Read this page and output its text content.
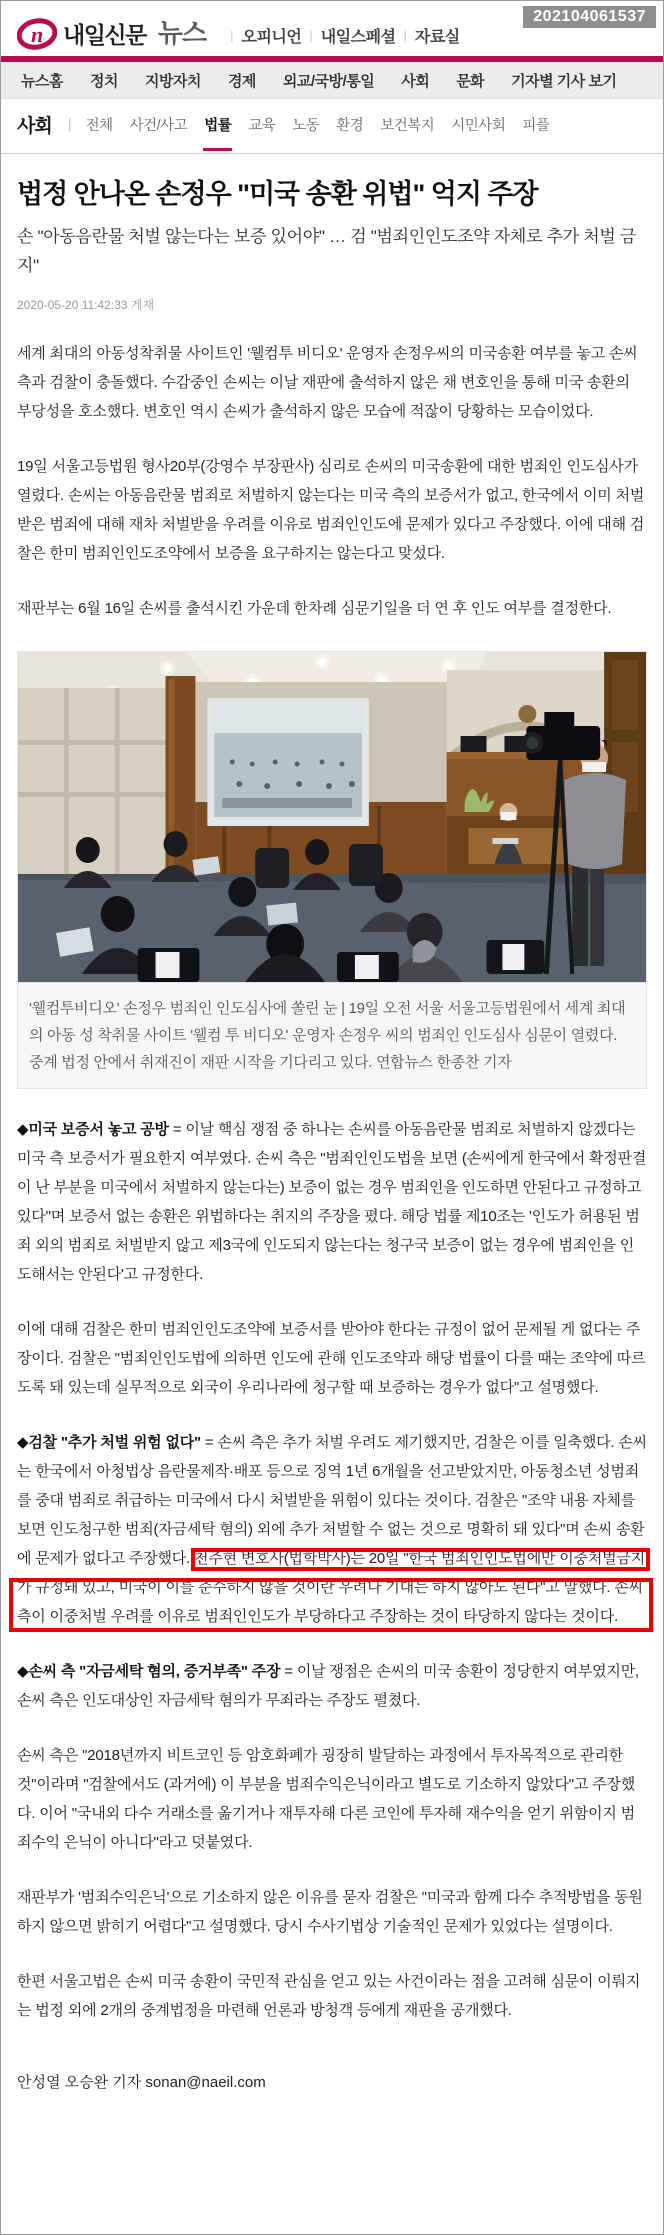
n 내일신문 뉴스	| 오피니언 | 내일스페셜 | 자료실
202104061537
뉴스홈 정치 지방자치 경제 외교/국방/통일 사회 문화 기자별 기사 보기
사회	| 전체 사건/사고 법률 교육 노동 환경 보건복지 시민사회 피플
법정 안나온 손정우 "미국 송환 위법" 억지 주장
손 "아동음란물 처벌 않는다는 보증 있어야" … 검 "범죄인인도조약 자체로 추가 처벌 금지"
2020-05-20 11:42:33 게재

세계 최대의 아동성착취물 사이트인 '웰컴투 비디오' 운영자 손정우씨의 미국송환 여부를 놓고 손씨 측과 검찰이 충돌했다. 수감중인 손씨는 이날 재판에 출석하지 않은 채 변호인을 통해 미국 송환의 부당성을 호소했다. 변호인 역시 손씨가 출석하지 않은 모습에 적잖이 당황하는 모습이었다.

19일 서울고등법원 형사20부(강영수 부장판사) 심리로 손씨의 미국송환에 대한 범죄인 인도심사가 열렸다. 손씨는 아동음란물 범죄로 처벌하지 않는다는 미국 측의 보증서가 없고, 한국에서 이미 처벌받은 범죄에 대해 재차 처벌받을 우려를 이유로 범죄인인도에 문제가 있다고 주장했다. 이에 대해 검찰은 한미 범죄인인도조약에서 보증을 요구하지는 않는다고 맞섰다.

재판부는 6월 16일 손씨를 출석시킨 가운데 한차례 심문기일을 더 연 후 인도 여부를 결정한다.

'웰컴투비디오' 손정우 범죄인 인도심사에 쏠린 눈 | 19일 오전 서울 서울고등법원에서 세계 최대의 아동 성 착취물 사이트 '웰컴 투 비디오' 운영자 손정우 씨의 범죄인 인도심사 심문이 열렸다. 중계 법정 안에서 취재진이 재판 시작을 기다리고 있다. 연합뉴스 한종찬 기자

◆미국 보증서 놓고 공방 = 이날 핵심 쟁점 중 하나는 손씨를 아동음란물 범죄로 처벌하지 않겠다는 미국 측 보증서가 필요한지 여부였다. 손씨 측은 "범죄인인도법을 보면 (손씨에게 한국에서 확정판결이 난 부분을 미국에서 처벌하지 않는다는) 보증이 없는 경우 범죄인을 인도하면 안된다고 규정하고 있다"며 보증서 없는 송환은 위법하다는 취지의 주장을 폈다. 해당 법률 제10조는 '인도가 허용된 범죄 외의 범죄로 처벌받지 않고 제3국에 인도되지 않는다는 청구국 보증이 없는 경우에 범죄인을 인도해서는 안된다'고 규정한다.

이에 대해 검찰은 한미 범죄인인도조약에 보증서를 받아야 한다는 규정이 없어 문제될 게 없다는 주장이다. 검찰은 "범죄인인도법에 의하면 인도에 관해 인도조약과 해당 법률이 다를 때는 조약에 따르도록 돼 있는데 실무적으로 외국이 우리나라에 청구할 때 보증하는 경우가 없다"고 설명했다.

◆검찰 "추가 처벌 위험 없다" = 손씨 측은 추가 처벌 우려도 제기했지만, 검찰은 이를 일축했다. 손씨는 한국에서 아청법상 음란물제작·배포 등으로 징역 1년 6개월을 선고받았지만, 아동청소년 성범죄를 중대 범죄로 취급하는 미국에서 다시 처벌받을 위험이 있다는 것이다. 검찰은 "조약 내용 자체를 보면 인도청구한 범죄(자금세탁 혐의) 외에 추가 처벌할 수 없는 것으로 명확히 돼 있다"며 손씨 송환에 문제가 없다고 주장했다. 천주현 변호사(법학박사)는 20일 "한국 범죄인인도법에만 이중처벌금지가 규정돼 있고, 미국이 이를 준수하지 않을 것이란 우려나 기대는 하지 않아도 된다"고 말했다. 손씨 측이 이중처벌 우려를 이유로 범죄인인도가 부당하다고 주장하는 것이 타당하지 않다는 것이다.

◆손씨 측 "자금세탁 혐의, 증거부족" 주장 = 이날 쟁점은 손씨의 미국 송환이 정당한지 여부였지만, 손씨 측은 인도대상인 자금세탁 혐의가 무죄라는 주장도 펼쳤다.

손씨 측은 "2018년까지 비트코인 등 암호화폐가 굉장히 발달하는 과정에서 투자목적으로 관리한 것"이라며 "검찰에서도 (과거에) 이 부분을 범죄수익은닉이라고 별도로 기소하지 않았다"고 주장했다. 이어 "국내외 다수 거래소를 옮기거나 재투자해 다른 코인에 투자해 재수익을 얻기 위함이지 범죄수익 은닉이 아니다"라고 덧붙였다.

재판부가 '범죄수익은닉'으로 기소하지 않은 이유를 묻자 검찰은 "미국과 함께 다수 추적방법을 동원하지 않으면 밝히기 어렵다"고 설명했다. 당시 수사기법상 기술적인 문제가 있었다는 설명이다.

한편 서울고법은 손씨 미국 송환이 국민적 관심을 얻고 있는 사건이라는 점을 고려해 심문이 이뤄지는 법정 외에 2개의 중계법정을 마련해 언론과 방청객 등에게 재판을 공개했다.

안성열 오승완 기자 sonan@naeil.com
